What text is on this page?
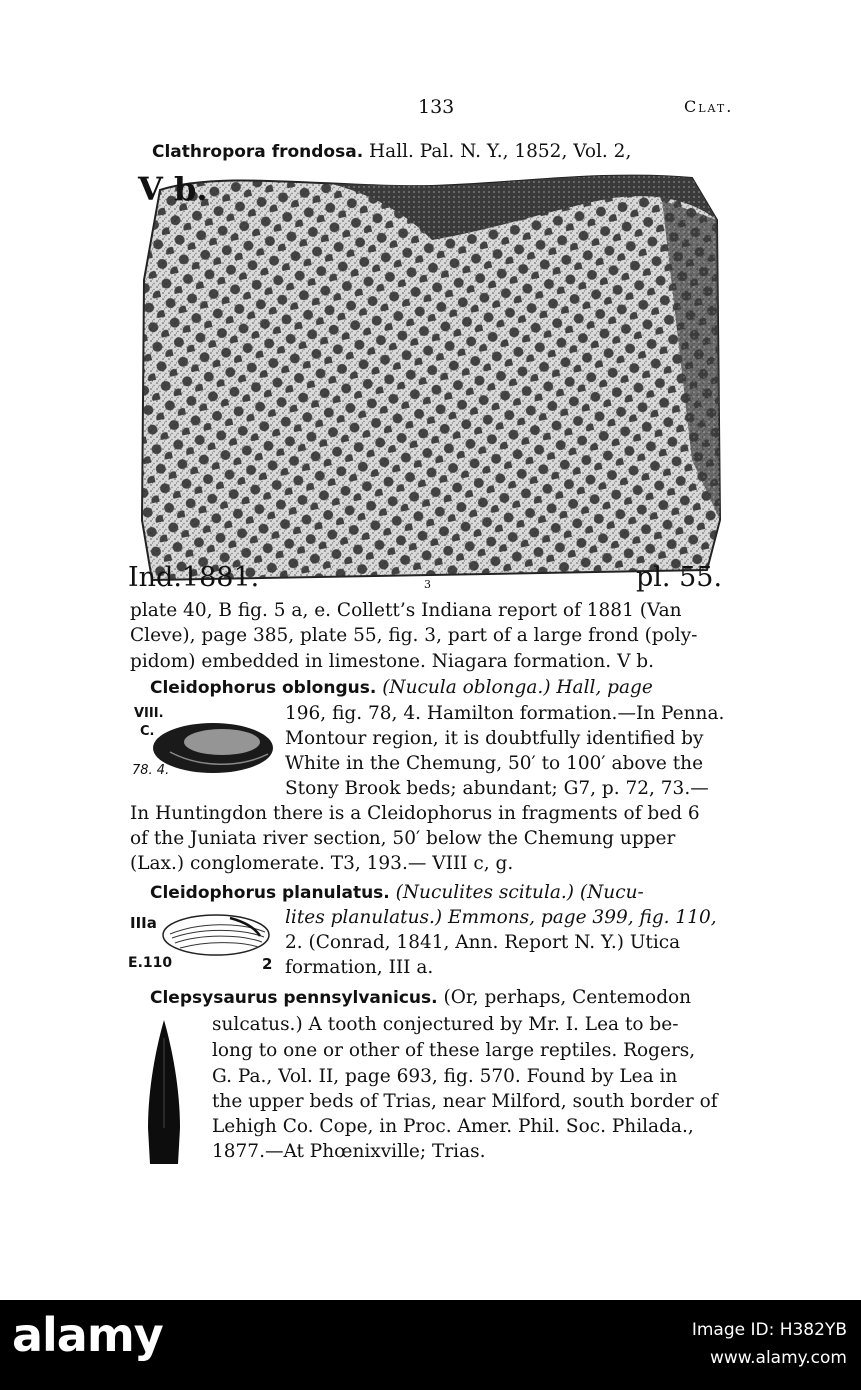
133	Clat.
Clathropora frondosa. Hall. Pal. N. Y., 1852, Vol. 2,
V b.
Ind.1881.	3	pl. 55.
plate 40, B fig. 5 a, e. Collett’s Indiana report of 1881 (Van
Cleve), page 385, plate 55, fig. 3, part of a large frond (poly-
pidom) embedded in limestone. Niagara formation. V b.
Cleidophorus oblongus. (Nucula oblonga.) Hall, page
VIII.
C.
78. 4.
196, fig. 78, 4. Hamilton formation.—In Penna.
Montour region, it is doubtfully identified by
White in the Chemung, 50′ to 100′ above the
Stony Brook beds; abundant; G7, p. 72, 73.—
In Huntingdon there is a Cleidophorus in fragments of bed 6
of the Juniata river section, 50′ below the Chemung upper
(Lax.) conglomerate. T3, 193.— VIII c, g.
Cleidophorus planulatus. (Nuculites scitula.) (Nucu-
IIIa
E.110	2
lites planulatus.) Emmons, page 399, fig. 110,
2. (Conrad, 1841, Ann. Report N. Y.) Utica
formation, III a.
Clepsysaurus pennsylvanicus. (Or, perhaps, Centemodon
sulcatus.) A tooth conjectured by Mr. I. Lea to be-
long to one or other of these large reptiles. Rogers,
G. Pa., Vol. II, page 693, fig. 570. Found by Lea in
the upper beds of Trias, near Milford, south border of
Lehigh Co. Cope, in Proc. Amer. Phil. Soc. Philada.,
1877.—At Phœnixville; Trias.
alamy	Image ID: H382YB
www.alamy.com
